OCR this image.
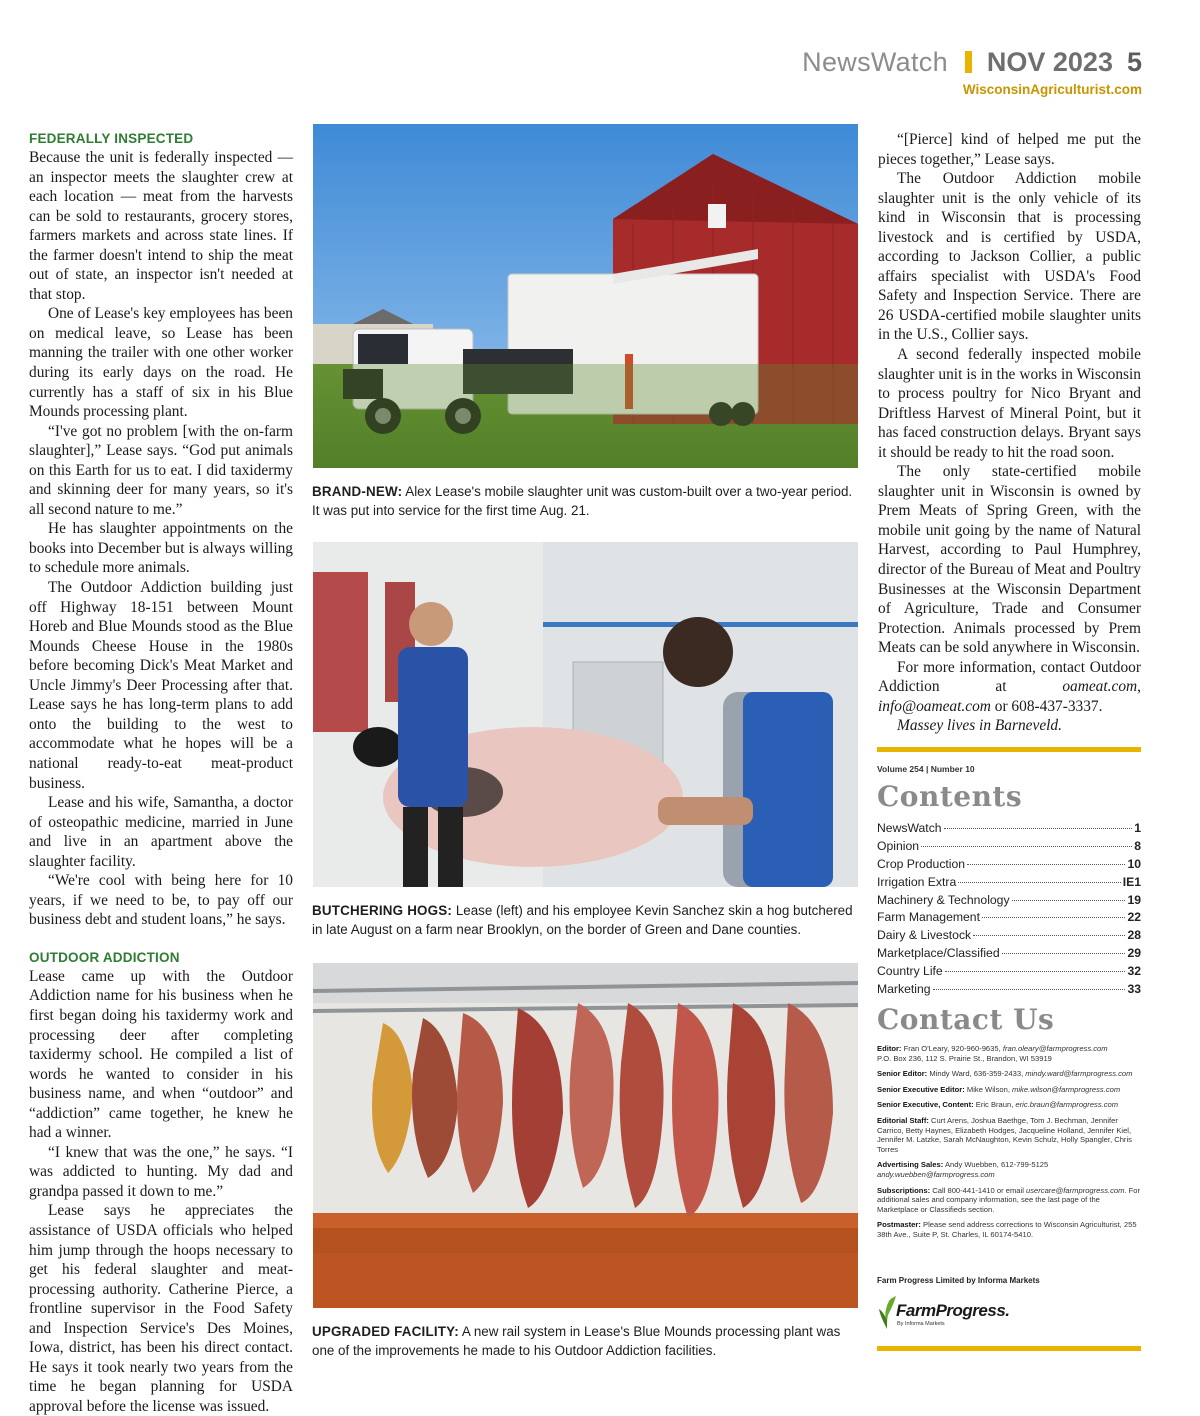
NewsWatch NOV 2023 5
WisconsinAgriculturist.com
FEDERALLY INSPECTED

Because the unit is federally inspected — an inspector meets the slaughter crew at each location — meat from the harvests can be sold to restaurants, grocery stores, farmers markets and across state lines. If the farmer doesn't intend to ship the meat out of state, an inspector isn't needed at that stop.

One of Lease's key employees has been on medical leave, so Lease has been manning the trailer with one other worker during its early days on the road. He currently has a staff of six in his Blue Mounds processing plant.

“I've got no problem [with the on-farm slaughter],” Lease says. “God put animals on this Earth for us to eat. I did taxidermy and skinning deer for many years, so it's all second nature to me.”

He has slaughter appointments on the books into December but is always willing to schedule more animals.

The Outdoor Addiction building just off Highway 18-151 between Mount Horeb and Blue Mounds stood as the Blue Mounds Cheese House in the 1980s before becoming Dick's Meat Market and Uncle Jimmy's Deer Processing after that. Lease says he has long-term plans to add onto the building to the west to accommodate what he hopes will be a national ready-to-eat meat-product business.

Lease and his wife, Samantha, a doctor of osteopathic medicine, married in June and live in an apartment above the slaughter facility.

“We're cool with being here for 10 years, if we need to be, to pay off our business debt and student loans,” he says.

OUTDOOR ADDICTION

Lease came up with the Outdoor Addiction name for his business when he first began doing his taxidermy work and processing deer after completing taxidermy school. He compiled a list of words he wanted to consider in his business name, and when “outdoor” and “addiction” came together, he knew he had a winner.

“I knew that was the one,” he says. “I was addicted to hunting. My dad and grandpa passed it down to me.”

Lease says he appreciates the assistance of USDA officials who helped him jump through the hoops necessary to get his federal slaughter and meat-processing authority. Catherine Pierce, a frontline supervisor in the Food Safety and Inspection Service's Des Moines, Iowa, district, has been his direct contact. He says it took nearly two years from the time he began planning for USDA approval before the license was issued.

BRAND-NEW: Alex Lease's mobile slaughter unit was custom-built over a two-year period. It was put into service for the first time Aug. 21.
BUTCHERING HOGS: Lease (left) and his employee Kevin Sanchez skin a hog butchered in late August on a farm near Brooklyn, on the border of Green and Dane counties.
UPGRADED FACILITY: A new rail system in Lease's Blue Mounds processing plant was one of the improvements he made to his Outdoor Addiction facilities.

“[Pierce] kind of helped me put the pieces together,” Lease says.

The Outdoor Addiction mobile slaughter unit is the only vehicle of its kind in Wisconsin that is processing livestock and is certified by USDA, according to Jackson Collier, a public affairs specialist with USDA's Food Safety and Inspection Service. There are 26 USDA-certified mobile slaughter units in the U.S., Collier says.

A second federally inspected mobile slaughter unit is in the works in Wisconsin to process poultry for Nico Bryant and Driftless Harvest of Mineral Point, but it has faced construction delays. Bryant says it should be ready to hit the road soon.

The only state-certified mobile slaughter unit in Wisconsin is owned by Prem Meats of Spring Green, with the mobile unit going by the name of Natural Harvest, according to Paul Humphrey, director of the Bureau of Meat and Poultry Businesses at the Wisconsin Department of Agriculture, Trade and Consumer Protection. Animals processed by Prem Meats can be sold anywhere in Wisconsin.

For more information, contact Outdoor Addiction at oameat.com, info@oameat.com or 608-437-3337.

Massey lives in Barneveld.

Volume 254 | Number 10
Contents
NewsWatch	1
Opinion	8
Crop Production	10
Irrigation Extra	IE1
Machinery & Technology	19
Farm Management	22
Dairy & Livestock	28
Marketplace/Classified	29
Country Life	32
Marketing	33
Contact Us
Editor: Fran O'Leary, 920-960-9635, fran.oleary@farmprogress.com
P.O. Box 236, 112 S. Prairie St., Brandon, WI 53919
Senior Editor: Mindy Ward, 636-359-2433, mindy.ward@farmprogress.com
Senior Executive Editor: Mike Wilson, mike.wilson@farmprogress.com
Senior Executive, Content: Eric Braun, eric.braun@farmprogress.com
Editorial Staff: Curt Arens, Joshua Baethge, Tom J. Bechman, Jennifer Carrico, Betty Haynes, Elizabeth Hodges, Jacqueline Holland, Jennifer Kiel, Jennifer M. Latzke, Sarah McNaughton, Kevin Schulz, Holly Spangler, Chris Torres
Advertising Sales: Andy Wuebben, 612-799-5125
andy.wuebben@farmprogress.com
Subscriptions: Call 800-441-1410 or email usercare@farmprogress.com. For additional sales and company information, see the last page of the Marketplace or Classifieds section.
Postmaster: Please send address corrections to Wisconsin Agriculturist, 255 38th Ave., Suite P, St. Charles, IL 60174-5410.
Farm Progress Limited by Informa Markets
FarmProgress.
By Informa Markets
